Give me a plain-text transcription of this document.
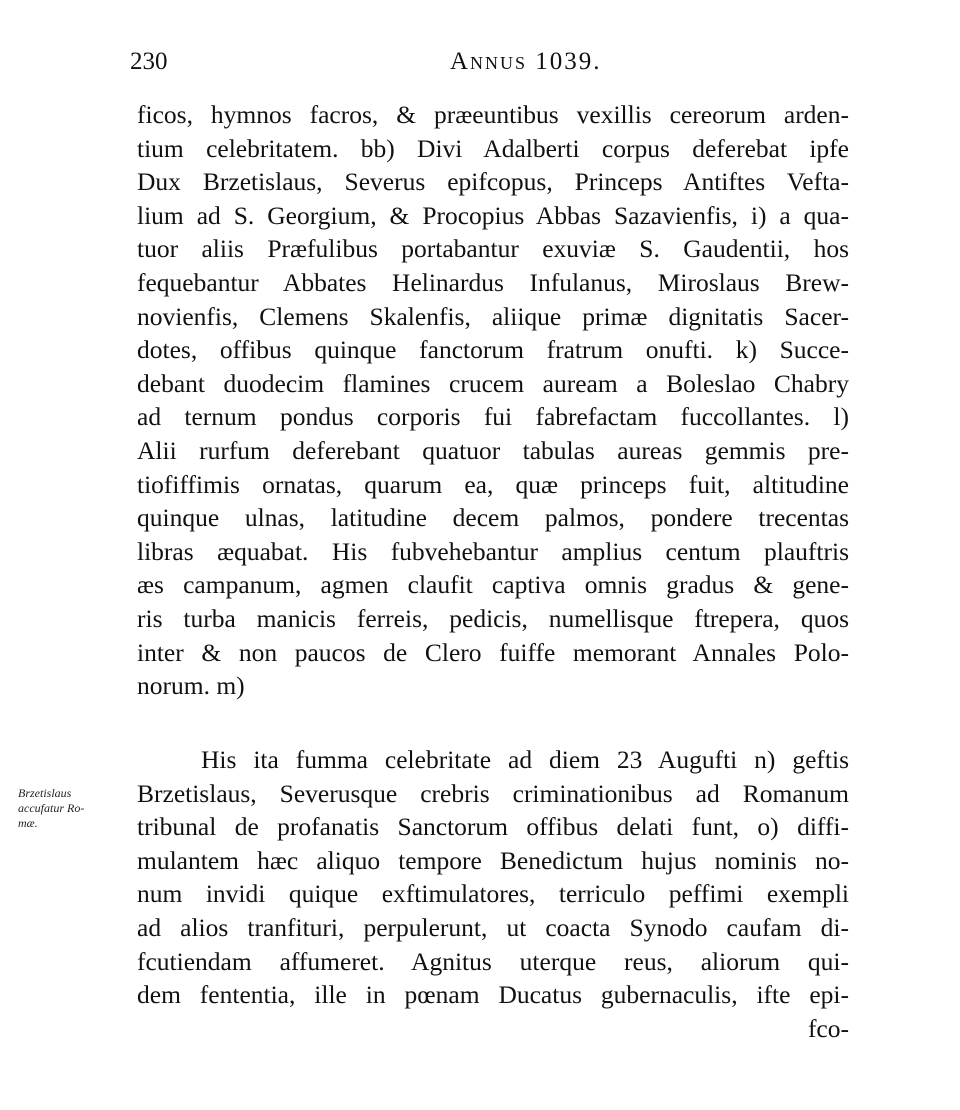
230	Annus 1039.
ficos, hymnos facros, & præeuntibus vexillis cereorum arden-
tium celebritatem. bb) Divi Adalberti corpus deferebat ipfe
Dux Brzetislaus, Severus epifcopus, Princeps Antiftes Vefta-
lium ad S. Georgium, & Procopius Abbas Sazavienfis, i) a qua-
tuor aliis Præfulibus portabantur exuviæ S. Gaudentii, hos
fequebantur Abbates Helinardus Infulanus, Miroslaus Brew-
novienfis, Clemens Skalenfis, aliique primæ dignitatis Sacer-
dotes, offibus quinque fanctorum fratrum onufti. k) Succe-
debant duodecim flamines crucem auream a Boleslao Chabry
ad ternum pondus corporis fui fabrefactam fuccollantes. l)
Alii rurfum deferebant quatuor tabulas aureas gemmis pre-
tiofiffimis ornatas, quarum ea, quæ princeps fuit, altitudine
quinque ulnas, latitudine decem palmos, pondere trecentas
libras æquabat. His fubvehebantur amplius centum plauftris
æs campanum, agmen claufit captiva omnis gradus & gene-
ris turba manicis ferreis, pedicis, numellisque ftrepera, quos
inter & non paucos de Clero fuiffe memorant Annales Polo-
norum. m)
Brzetislaus
accufatur Ro-
mæ.
His ita fumma celebritate ad diem 23 Augufti n) geftis
Brzetislaus, Severusque crebris criminationibus ad Romanum
tribunal de profanatis Sanctorum offibus delati funt, o) diffi-
mulantem hæc aliquo tempore Benedictum hujus nominis no-
num invidi quique exftimulatores, terriculo peffimi exempli
ad alios tranfituri, perpulerunt, ut coacta Synodo caufam di-
fcutiendam affumeret. Agnitus uterque reus, aliorum qui-
dem fententia, ille in pœnam Ducatus gubernaculis, ifte epi-
fco-
